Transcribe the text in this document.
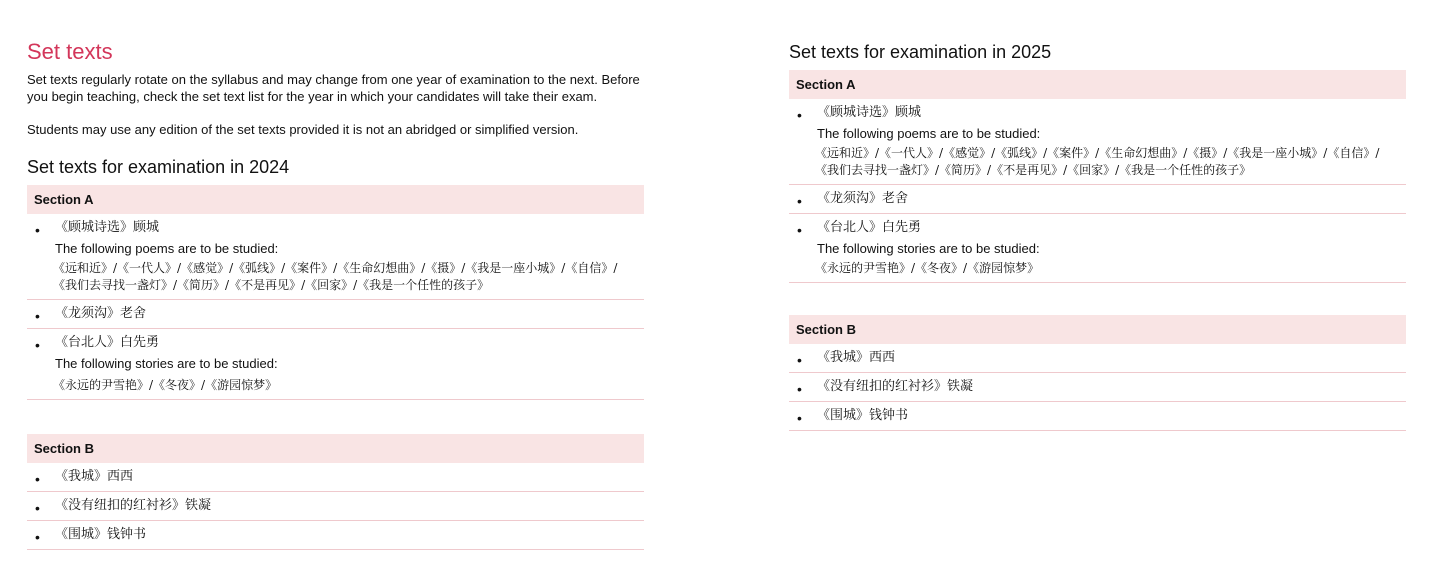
Set texts

Set texts regularly rotate on the syllabus and may change from one year of examination to the next. Before you begin teaching, check the set text list for the year in which your candidates will take their exam.

Students may use any edition of the set texts provided it is not an abridged or simplified version.

Set texts for examination in 2024
Section A
• 《顾城诗选》顾城
The following poems are to be studied:
《远和近》/《一代人》/《感觉》/《弧线》/《案件》/《生命幻想曲》/《摄》/《我是一座小城》/《自信》/
《我们去寻找一盏灯》/《简历》/《不是再见》/《回家》/《我是一个任性的孩子》
• 《龙须沟》老舍
• 《台北人》白先勇
The following stories are to be studied:
《永远的尹雪艳》/《冬夜》/《游园惊梦》
Section B
• 《我城》西西
• 《没有纽扣的红衬衫》铁凝
• 《围城》钱钟书
Set texts for examination in 2025
Section A
• 《顾城诗选》顾城
The following poems are to be studied:
《远和近》/《一代人》/《感觉》/《弧线》/《案件》/《生命幻想曲》/《摄》/《我是一座小城》/《自信》/
《我们去寻找一盏灯》/《简历》/《不是再见》/《回家》/《我是一个任性的孩子》
• 《龙须沟》老舍
• 《台北人》白先勇
The following stories are to be studied:
《永远的尹雪艳》/《冬夜》/《游园惊梦》
Section B
• 《我城》西西
• 《没有纽扣的红衬衫》铁凝
• 《围城》钱钟书
